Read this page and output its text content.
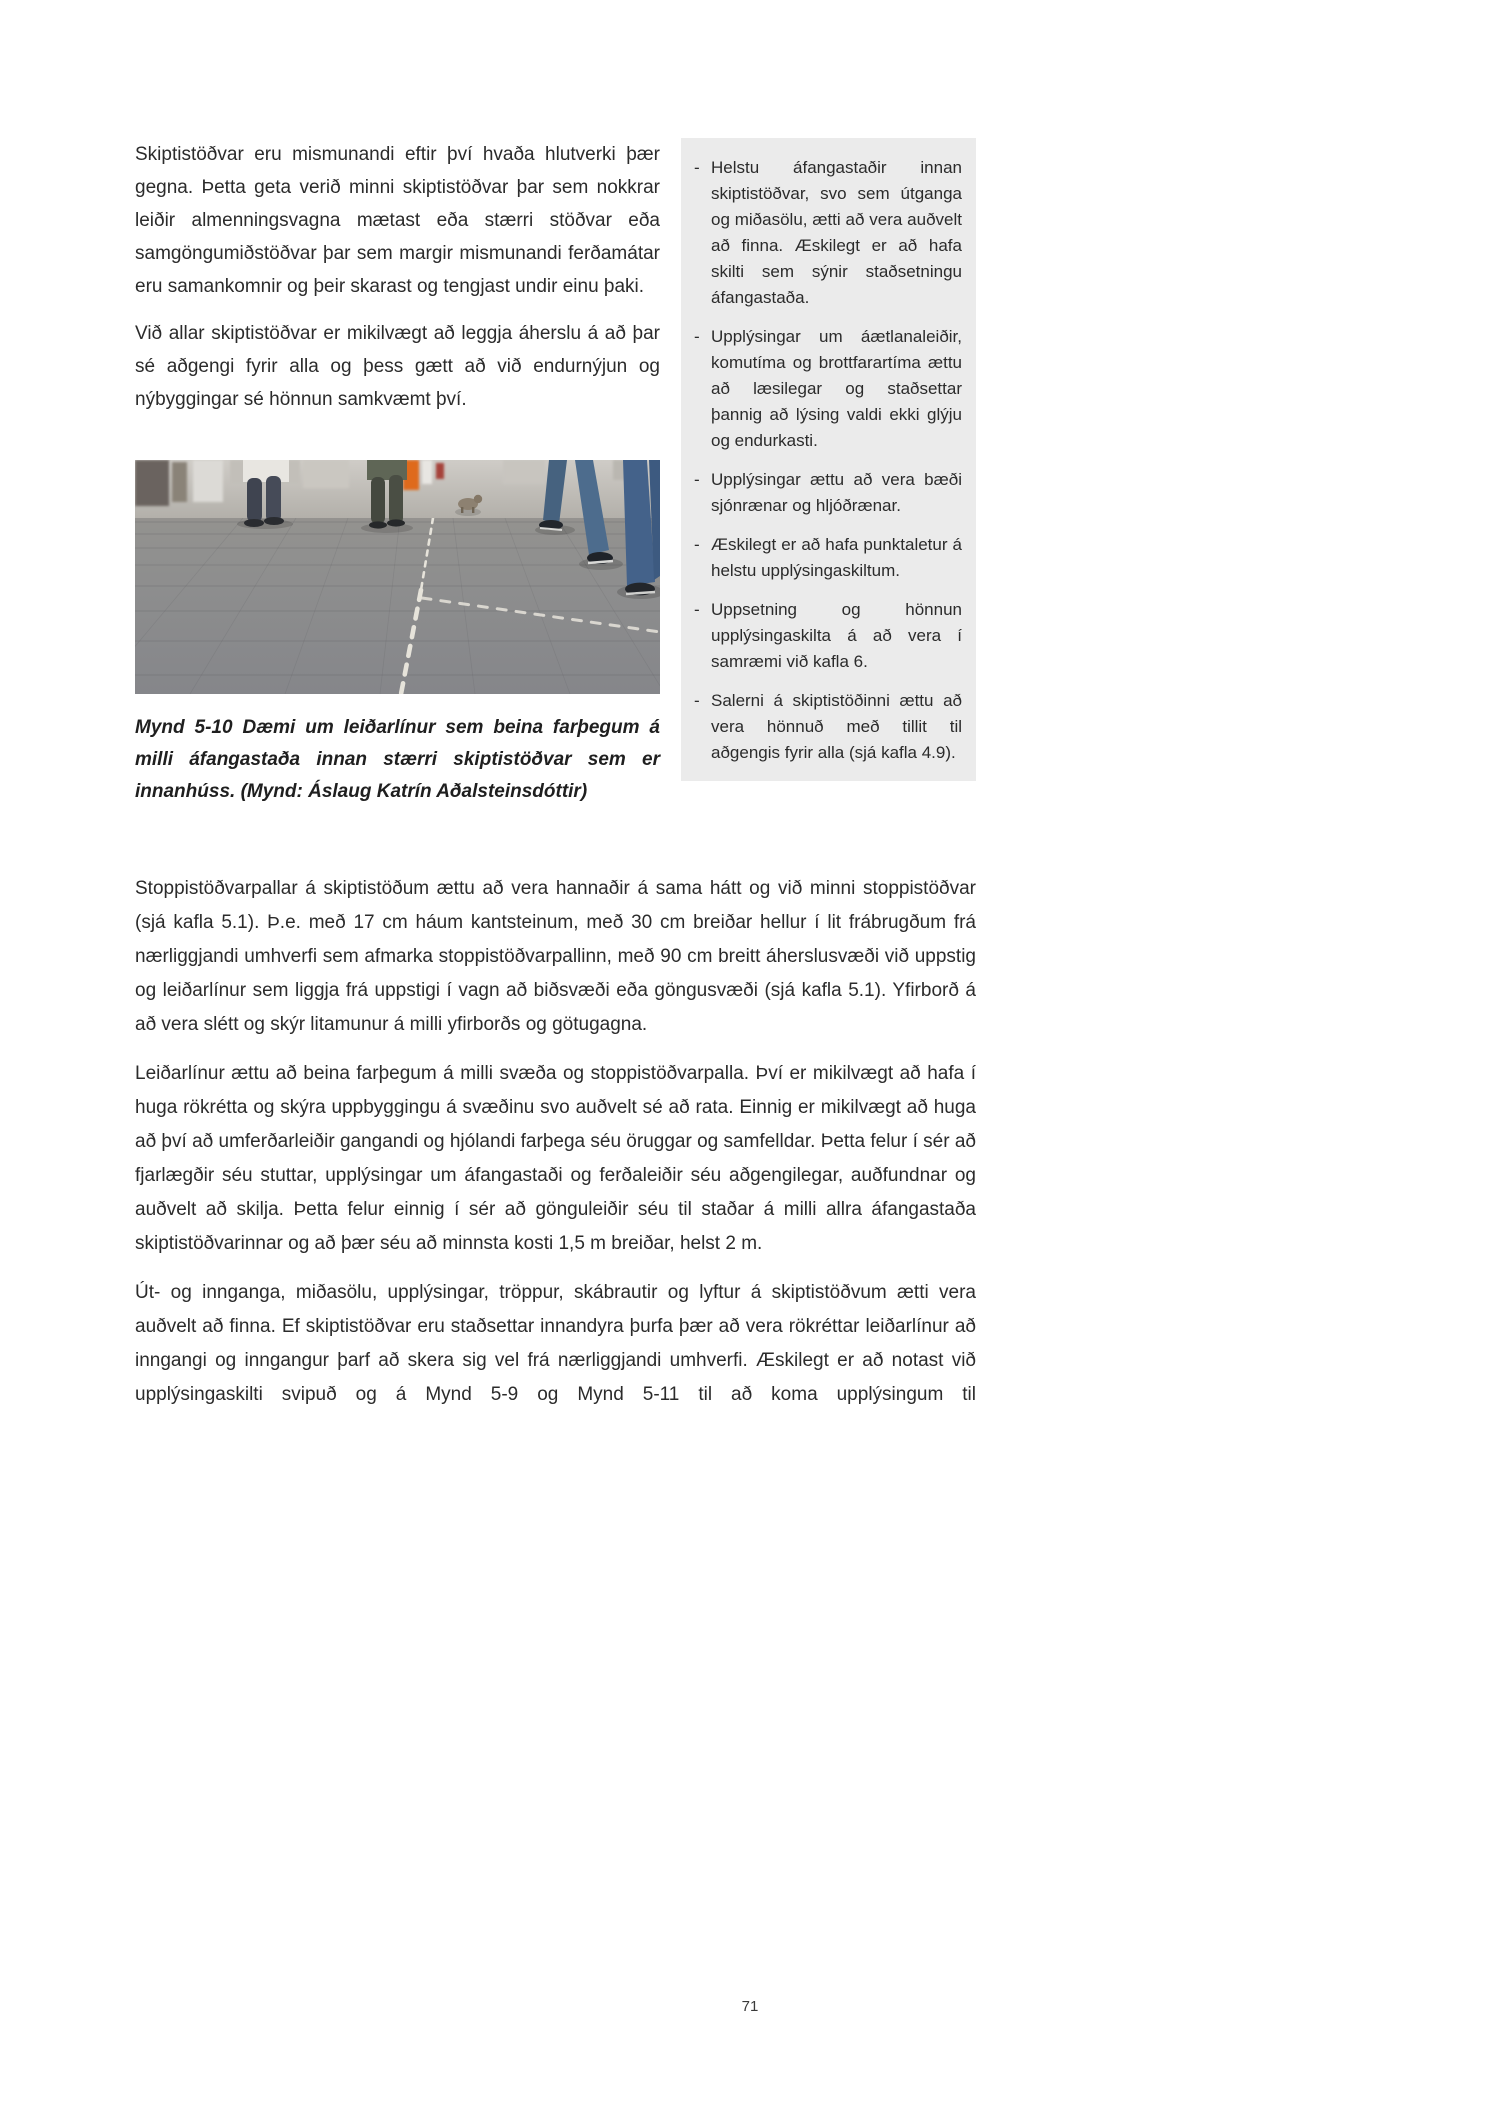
Skiptistöðvar eru mismunandi eftir því hvaða hlutverki þær gegna. Þetta geta verið minni skiptistöðvar þar sem nokkrar leiðir almenningsvagna mætast eða stærri stöðvar eða samgöngumiðstöðvar þar sem margir mismunandi ferðamátar eru samankomnir og þeir skarast og tengjast undir einu þaki.

Við allar skiptistöðvar er mikilvægt að leggja áherslu á að þar sé aðgengi fyrir alla og þess gætt að við endurnýjun og nýbyggingar sé hönnun samkvæmt því.

Mynd 5-10 Dæmi um leiðarlínur sem beina farþegum á milli áfangastaða innan stærri skiptistöðvar sem er innanhúss. (Mynd: Áslaug Katrín Aðalsteinsdóttir)
- Helstu áfangastaðir innan skiptistöðvar, svo sem útganga og miðasölu, ætti að vera auðvelt að finna. Æskilegt er að hafa skilti sem sýnir staðsetningu áfangastaða.
- Upplýsingar um áætlanaleiðir, komutíma og brottfarartíma ættu að læsilegar og staðsettar þannig að lýsing valdi ekki glýju og endurkasti.
- Upplýsingar ættu að vera bæði sjónrænar og hljóðrænar.
- Æskilegt er að hafa punktaletur á helstu upplýsingaskiltum.
- Uppsetning og hönnun upplýsingaskilta á að vera í samræmi við kafla 6.
- Salerni á skiptistöðinni ættu að vera hönnuð með tillit til aðgengis fyrir alla (sjá kafla 4.9).

Stoppistöðvarpallar á skiptistöðum ættu að vera hannaðir á sama hátt og við minni stoppistöðvar (sjá kafla 5.1). Þ.e. með 17 cm háum kantsteinum, með 30 cm breiðar hellur í lit frábrugðum frá nærliggjandi umhverfi sem afmarka stoppistöðvarpallinn, með 90 cm breitt áherslusvæði við uppstig og leiðarlínur sem liggja frá uppstigi í vagn að biðsvæði eða göngusvæði (sjá kafla 5.1). Yfirborð á að vera slétt og skýr litamunur á milli yfirborðs og götugagna.

Leiðarlínur ættu að beina farþegum á milli svæða og stoppistöðvarpalla. Því er mikilvægt að hafa í huga rökrétta og skýra uppbyggingu á svæðinu svo auðvelt sé að rata. Einnig er mikilvægt að huga að því að umferðarleiðir gangandi og hjólandi farþega séu öruggar og samfelldar. Þetta felur í sér að fjarlægðir séu stuttar, upplýsingar um áfangastaði og ferðaleiðir séu aðgengilegar, auðfundnar og auðvelt að skilja. Þetta felur einnig í sér að gönguleiðir séu til staðar á milli allra áfangastaða skiptistöðvarinnar og að þær séu að minnsta kosti 1,5 m breiðar, helst 2 m.

Út- og innganga, miðasölu, upplýsingar, tröppur, skábrautir og lyftur á skiptistöðvum ætti vera auðvelt að finna. Ef skiptistöðvar eru staðsettar innandyra þurfa þær að vera rökréttar leiðarlínur að inngangi og inngangur þarf að skera sig vel frá nærliggjandi umhverfi. Æskilegt er að notast við upplýsingaskilti svipuð og á Mynd 5-9 og Mynd 5-11 til að koma upplýsingum til

71
